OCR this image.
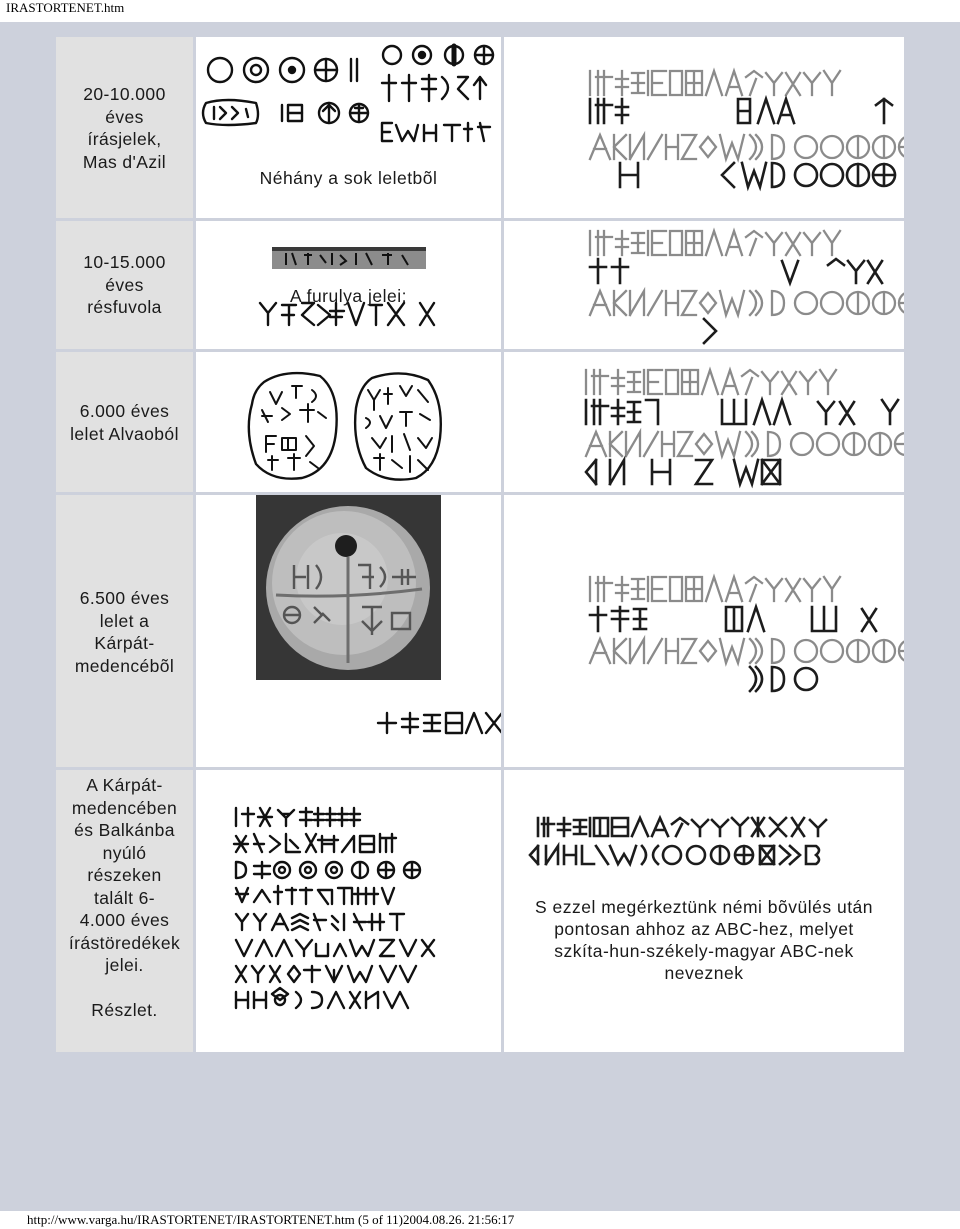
IRASTORTENET.htm
20-10.000
éves
írásjelek,
Mas d'Azil
Néhány a sok leletbõl
10-15.000
éves
résfuvola
A furulya jelei:
6.000 éves
lelet Alvaoból
6.500 éves
lelet a
Kárpát-
medencébõl
A Kárpát-
medencében
és Balkánba
nyúló
részeken
talált 6-
4.000 éves
írástöredékek
jelei.
Részlet.
S ezzel megérkeztünk némi bõvülés után
pontosan ahhoz az ABC-hez, melyet
szkíta-hun-székely-magyar ABC-nek
neveznek
http://www.varga.hu/IRASTORTENET/IRASTORTENET.htm (5 of 11)2004.08.26. 21:56:17
